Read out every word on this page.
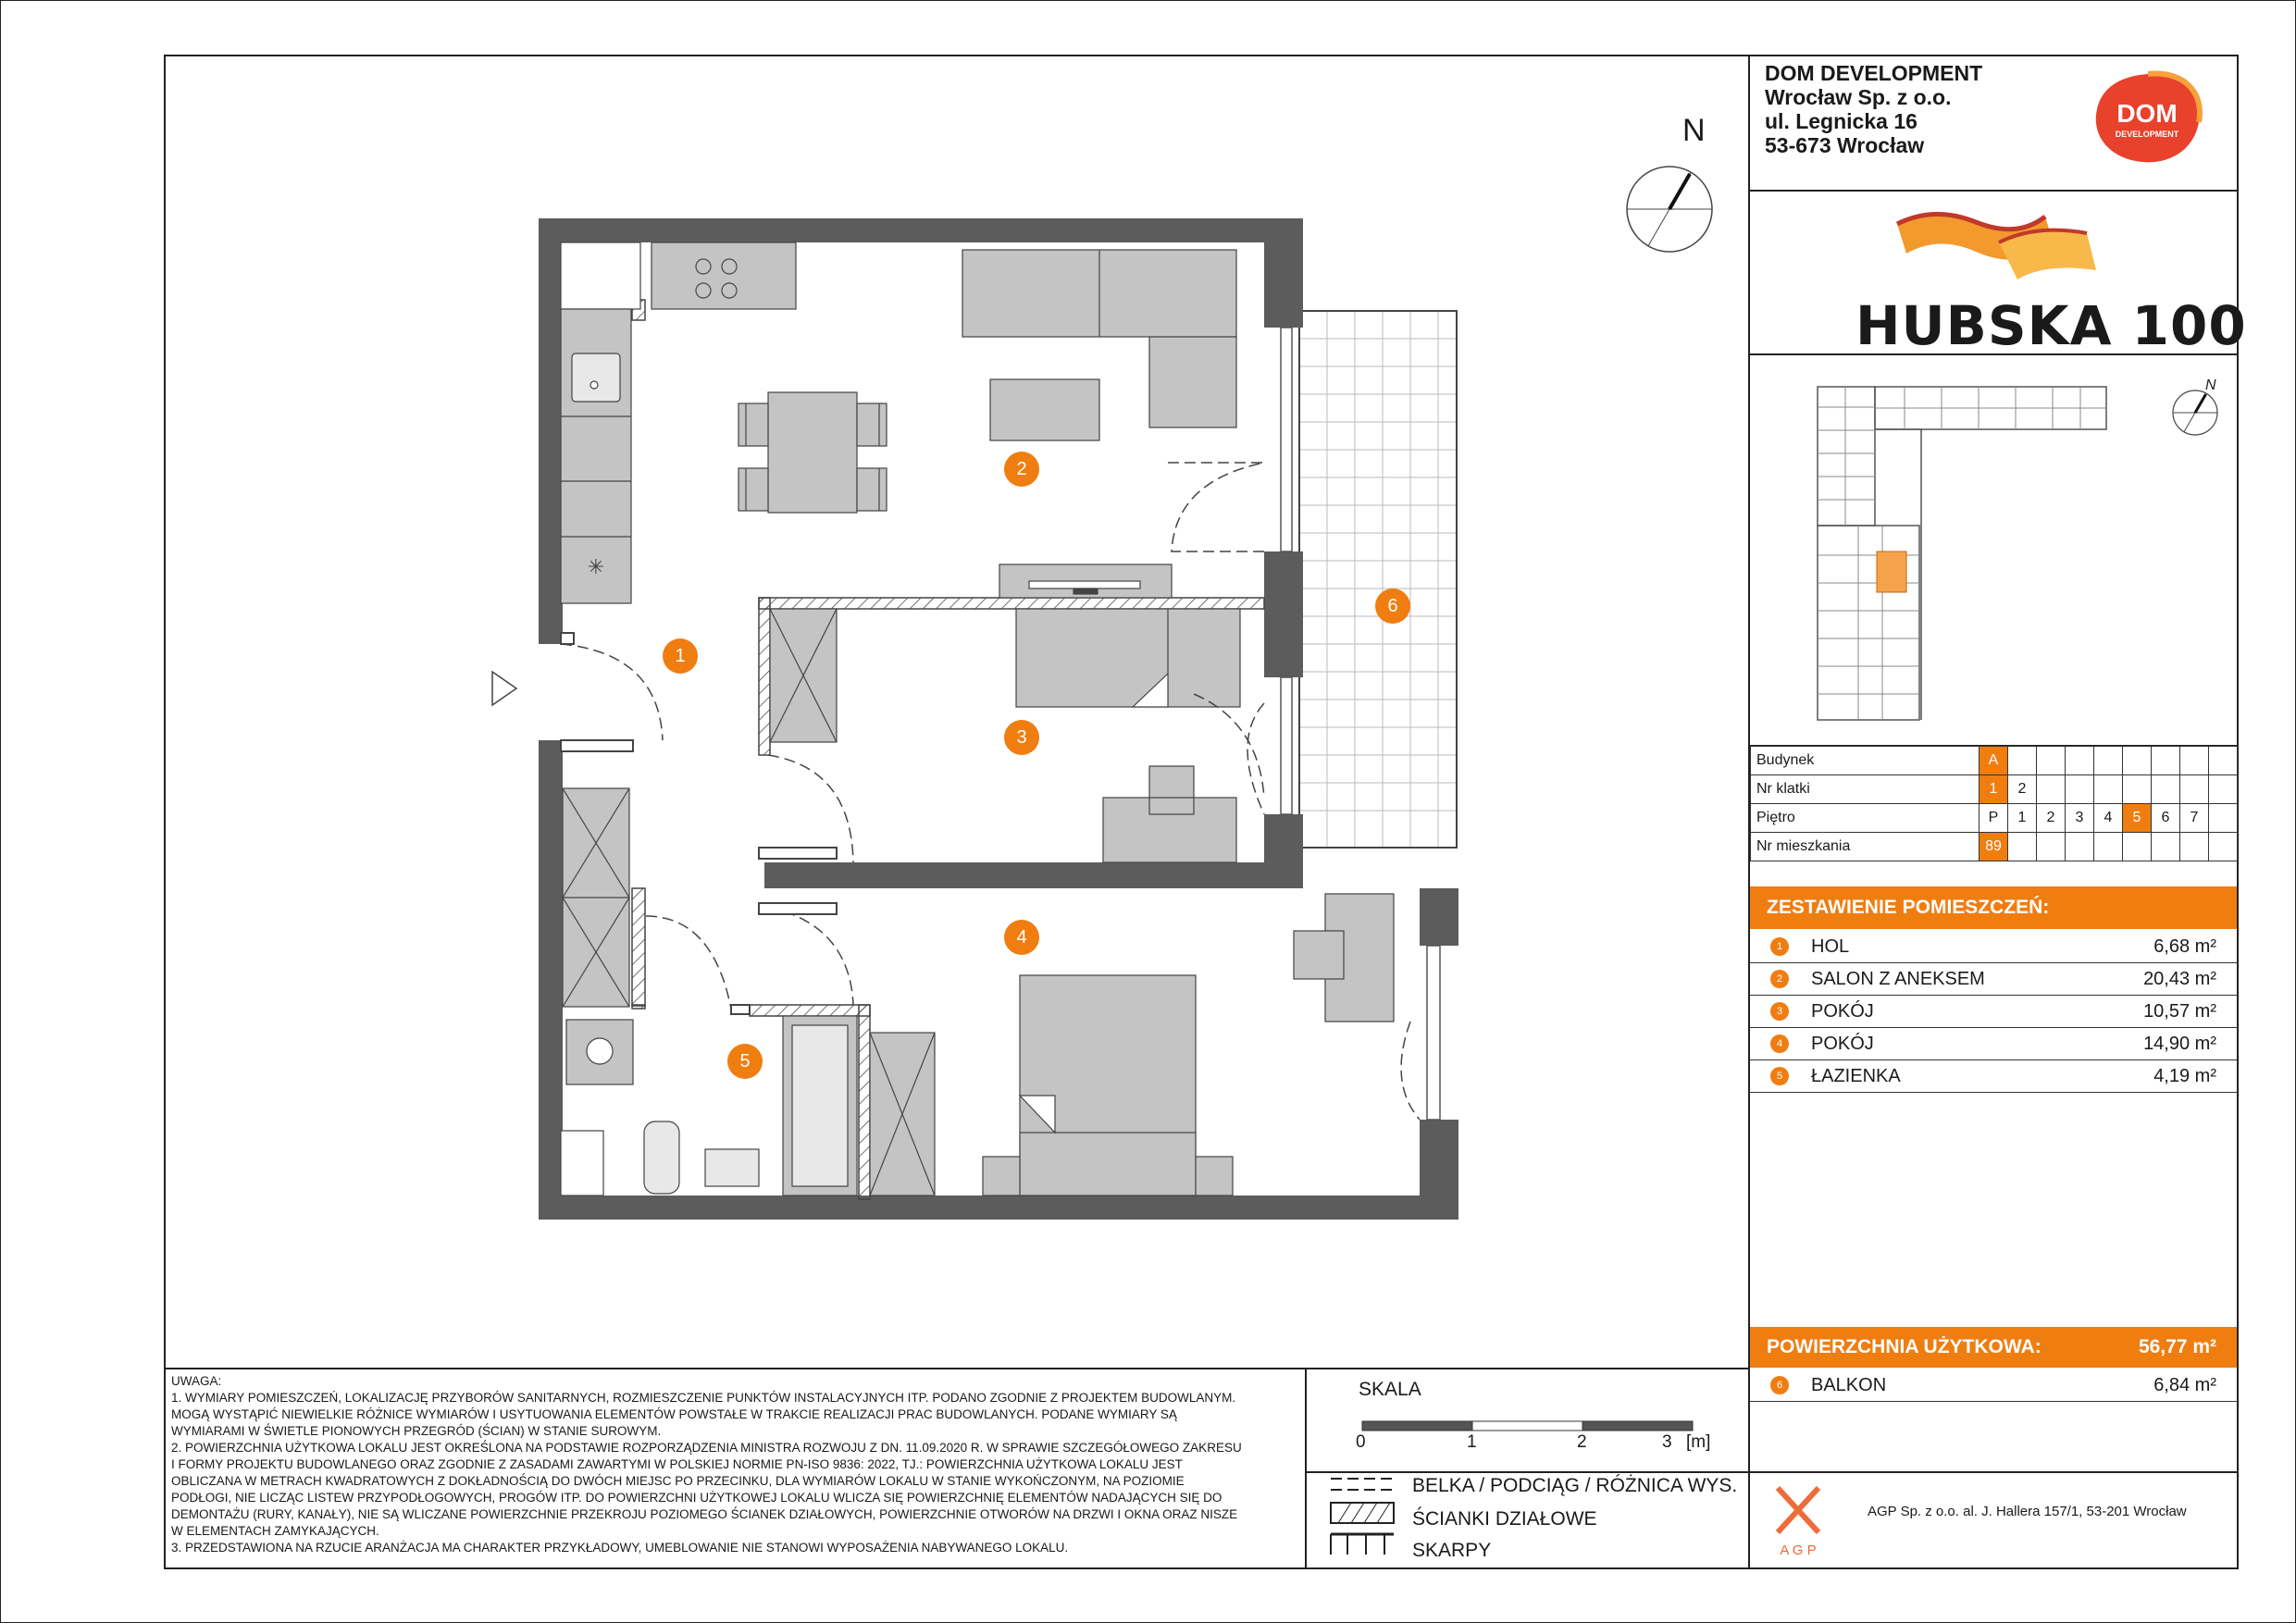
DOM DEVELOPMENT
Wrocław Sp. z o.o.
ul. Legnicka 16
53-673 Wrocław
DOM
DEVELOPMENT
HUBSKA 100
N
N
Budynek	A								
Nr klatki	1	2							
Piętro	P	1	2	3	4	5	6	7	
Nr mieszkania	89								
ZESTAWIENIE POMIESZCZEŃ:
1	HOL	6,68 m²
2	SALON Z ANEKSEM	20,43 m²
3	POKÓJ	10,57 m²
4	POKÓJ	14,90 m²
5	ŁAZIENKA	4,19 m²
POWIERZCHNIA UŻYTKOWA:	56,77 m²
6	BALKON	6,84 m²
A G P
AGP Sp. z o.o. al. J. Hallera 157/1, 53-201 Wrocław
UWAGA:
1. WYMIARY POMIESZCZEŃ, LOKALIZACJĘ PRZYBORÓW SANITARNYCH, ROZMIESZCZENIE PUNKTÓW INSTALACYJNYCH ITP. PODANO ZGODNIE Z PROJEKTEM BUDOWLANYM.
MOGĄ WYSTĄPIĆ NIEWIELKIE RÓŻNICE WYMIARÓW I USYTUOWANIA ELEMENTÓW POWSTAŁE W TRAKCIE REALIZACJI PRAC BUDOWLANYCH. PODANE WYMIARY SĄ
WYMIARAMI W ŚWIETLE PIONOWYCH PRZEGRÓD (ŚCIAN) W STANIE SUROWYM.
2. POWIERZCHNIA UŻYTKOWA LOKALU JEST OKREŚLONA NA PODSTAWIE ROZPORZĄDZENIA MINISTRA ROZWOJU Z DN. 11.09.2020 R. W SPRAWIE SZCZEGÓŁOWEGO ZAKRESU
I FORMY PROJEKTU BUDOWLANEGO ORAZ ZGODNIE Z ZASADAMI ZAWARTYMI W POLSKIEJ NORMIE PN-ISO 9836: 2022, TJ.: POWIERZCHNIA UŻYTKOWA LOKALU JEST
OBLICZANA W METRACH KWADRATOWYCH Z DOKŁADNOŚCIĄ DO DWÓCH MIEJSC PO PRZECINKU, DLA WYMIARÓW LOKALU W STANIE WYKOŃCZONYM, NA POZIOMIE
PODŁOGI, NIE LICZĄC LISTEW PRZYPODŁOGOWYCH, PROGÓW ITP. DO POWIERZCHNI UŻYTKOWEJ LOKALU WLICZA SIĘ POWIERZCHNIĘ ELEMENTÓW NADAJĄCYCH SIĘ DO
DEMONTAŻU (RURY, KANAŁY), NIE SĄ WLICZANE POWIERZCHNIE PRZEKROJU POZIOMEGO ŚCIANEK DZIAŁOWYCH, POWIERZCHNIE OTWORÓW NA DRZWI I OKNA ORAZ NISZE
W ELEMENTACH ZAMYKAJĄCYCH.
3. PRZEDSTAWIONA NA RZUCIE ARANŻACJA MA CHARAKTER PRZYKŁADOWY, UMEBLOWANIE NIE STANOWI WYPOSAŻENIA NABYWANEGO LOKALU.
SKALA
0	1	2	3 [m]
BELKA / PODCIĄG / RÓŻNICA WYS.
ŚCIANKI DZIAŁOWE
SKARPY
✳
1
2
3
4
5
6
